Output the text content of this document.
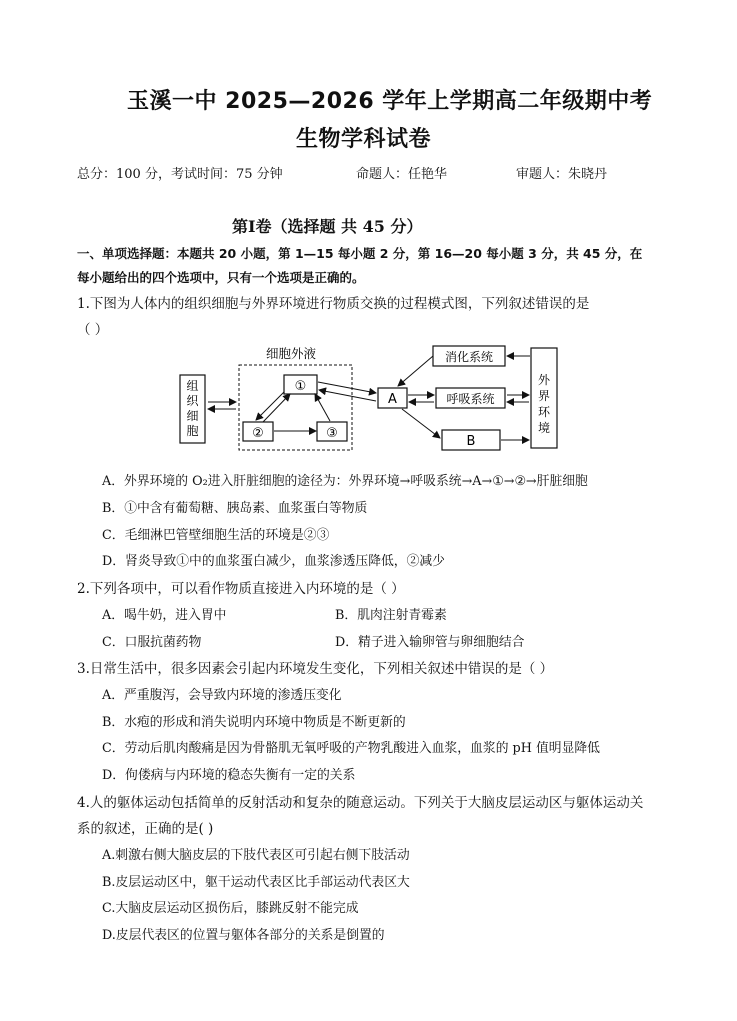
玉溪一中 2025—2026 学年上学期高二年级期中考
生物学科试卷
总分：100 分，考试时间：75 分钟	命题人：任艳华	审题人：朱晓丹
第Ⅰ卷（选择题 共 45 分）
一、单项选择题：本题共 20 小题，第 1—15 每小题 2 分，第 16—20 每小题 3 分，共 45 分，在
每小题给出的四个选项中，只有一个选项是正确的。
1.下图为人体内的组织细胞与外界环境进行物质交换的过程模式图，下列叙述错误的是
（ ）
组
织
细
胞
细胞外液
①
②	③
A
消化系统
呼吸系统
B
外
界
环
境
A．外界环境的 O₂进入肝脏细胞的途径为：外界环境→呼吸系统→A→①→②→肝脏细胞
B．①中含有葡萄糖、胰岛素、血浆蛋白等物质
C．毛细淋巴管壁细胞生活的环境是②③
D．肾炎导致①中的血浆蛋白减少，血浆渗透压降低，②减少
2.下列各项中，可以看作物质直接进入内环境的是（ ）
A．喝牛奶，进入胃中	B．肌肉注射青霉素
C．口服抗菌药物	D．精子进入输卵管与卵细胞结合
3.日常生活中，很多因素会引起内环境发生变化，下列相关叙述中错误的是（ ）
A．严重腹泻，会导致内环境的渗透压变化
B．水疱的形成和消失说明内环境中物质是不断更新的
C．劳动后肌肉酸痛是因为骨骼肌无氧呼吸的产物乳酸进入血浆，血浆的 pH 值明显降低
D．佝偻病与内环境的稳态失衡有一定的关系
4.人的躯体运动包括简单的反射活动和复杂的随意运动。下列关于大脑皮层运动区与躯体运动关
系的叙述，正确的是( )
A.刺激右侧大脑皮层的下肢代表区可引起右侧下肢活动
B.皮层运动区中，躯干运动代表区比手部运动代表区大
C.大脑皮层运动区损伤后，膝跳反射不能完成
D.皮层代表区的位置与躯体各部分的关系是倒置的
